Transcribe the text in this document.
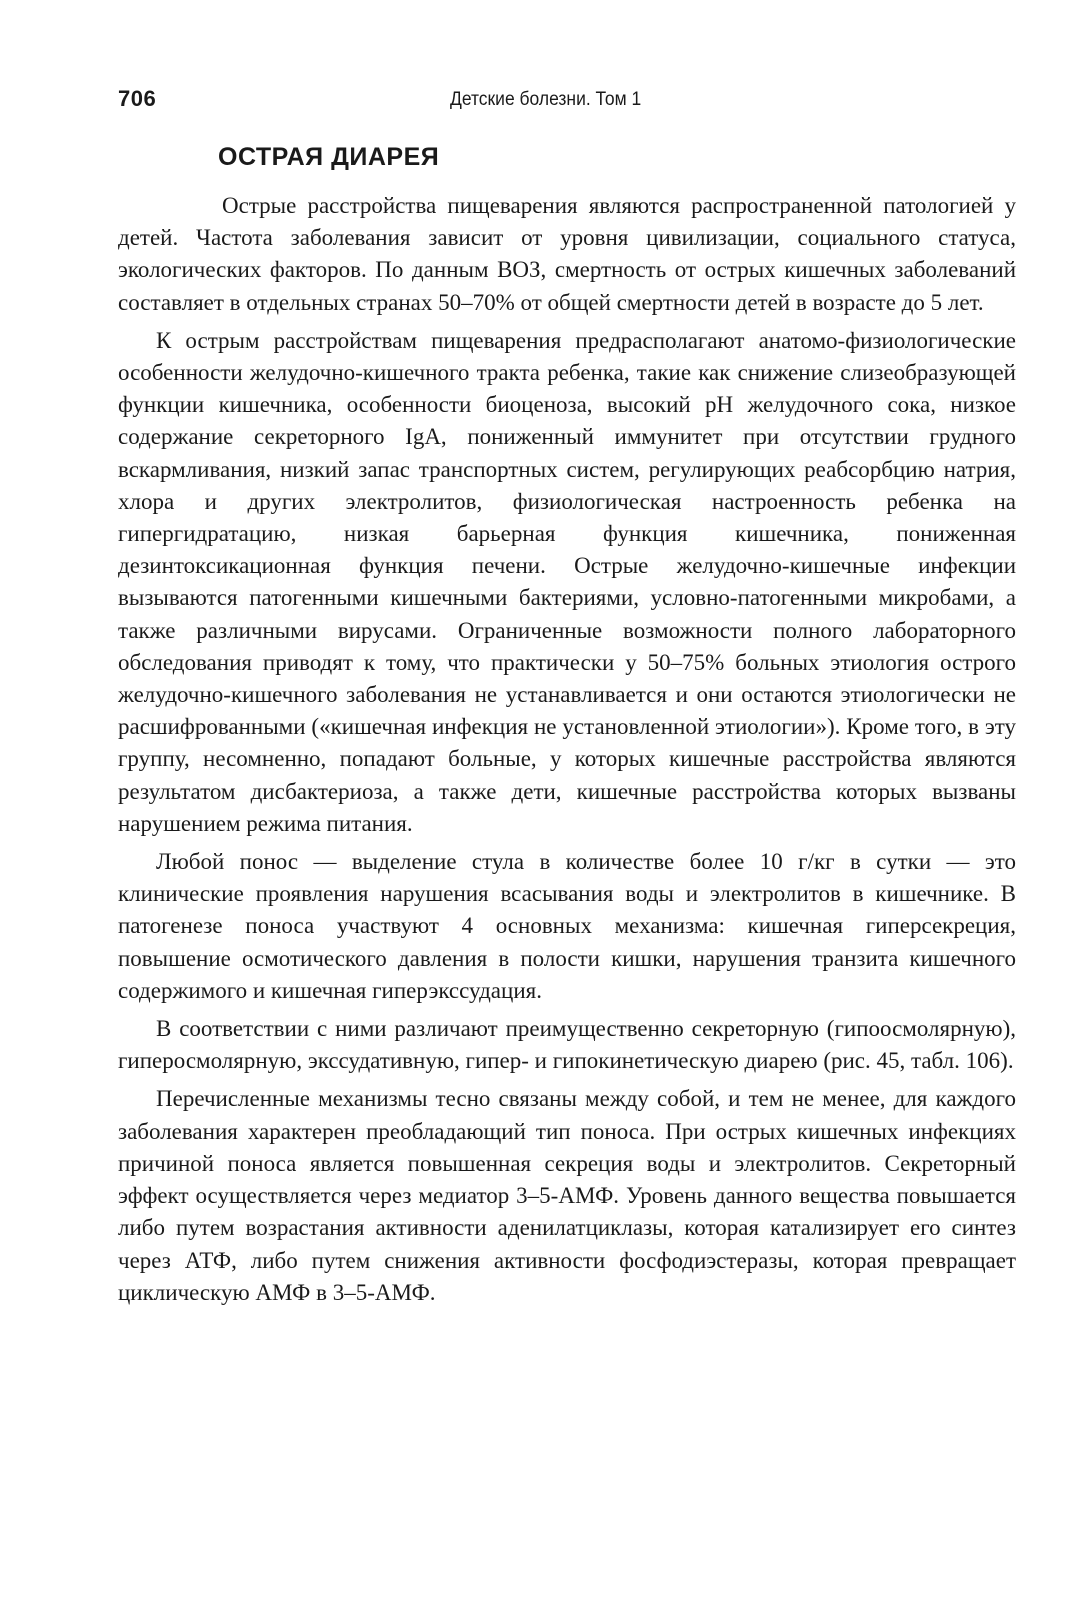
706	Детские болезни. Том 1
ОСТРАЯ ДИАРЕЯ

Острые расстройства пищеварения являются распространенной патологией у детей. Частота заболевания зависит от уровня цивилизации, социального статуса, экологических факторов. По данным ВОЗ, смертность от острых кишечных заболеваний составляет в отдельных странах 50–70% от общей смертности детей в возрасте до 5 лет.

К острым расстройствам пищеварения предрасполагают анатомо-физиологические особенности желудочно-кишечного тракта ребенка, такие как снижение слизеобразующей функции кишечника, особенности биоценоза, высокий pH желудочного сока, низкое содержание секреторного IgA, пониженный иммунитет при отсутствии грудного вскармливания, низкий запас транспортных систем, регулирующих реабсорбцию натрия, хлора и других электролитов, физиологическая настроенность ребенка на гипергидратацию, низкая барьерная функция кишечника, пониженная дезинтоксикационная функция печени. Острые желудочно-кишечные инфекции вызываются патогенными кишечными бактериями, условно-патогенными микробами, а также различными вирусами. Ограниченные возможности полного лабораторного обследования приводят к тому, что практически у 50–75% больных этиология острого желудочно-кишечного заболевания не устанавливается и они остаются этиологически не расшифрованными («кишечная инфекция не установленной этиологии»). Кроме того, в эту группу, несомненно, попадают больные, у которых кишечные расстройства являются результатом дисбактериоза, а также дети, кишечные расстройства которых вызваны нарушением режима питания.

Любой понос — выделение стула в количестве более 10 г/кг в сутки — это клинические проявления нарушения всасывания воды и электролитов в кишечнике. В патогенезе поноса участвуют 4 основных механизма: кишечная гиперсекреция, повышение осмотического давления в полости кишки, нарушения транзита кишечного содержимого и кишечная гиперэкссудация.

В соответствии с ними различают преимущественно секреторную (гипоосмолярную), гиперосмолярную, экссудативную, гипер- и гипокинетическую диарею (рис. 45, табл. 106).

Перечисленные механизмы тесно связаны между собой, и тем не менее, для каждого заболевания характерен преобладающий тип поноса. При острых кишечных инфекциях причиной поноса является повышенная секреция воды и электролитов. Секреторный эффект осуществляется через медиатор 3–5-АМФ. Уровень данного вещества повышается либо путем возрастания активности аденилатциклазы, которая катализирует его синтез через АТФ, либо путем снижения активности фосфодиэстеразы, которая превращает циклическую АМФ в 3–5-АМФ.
